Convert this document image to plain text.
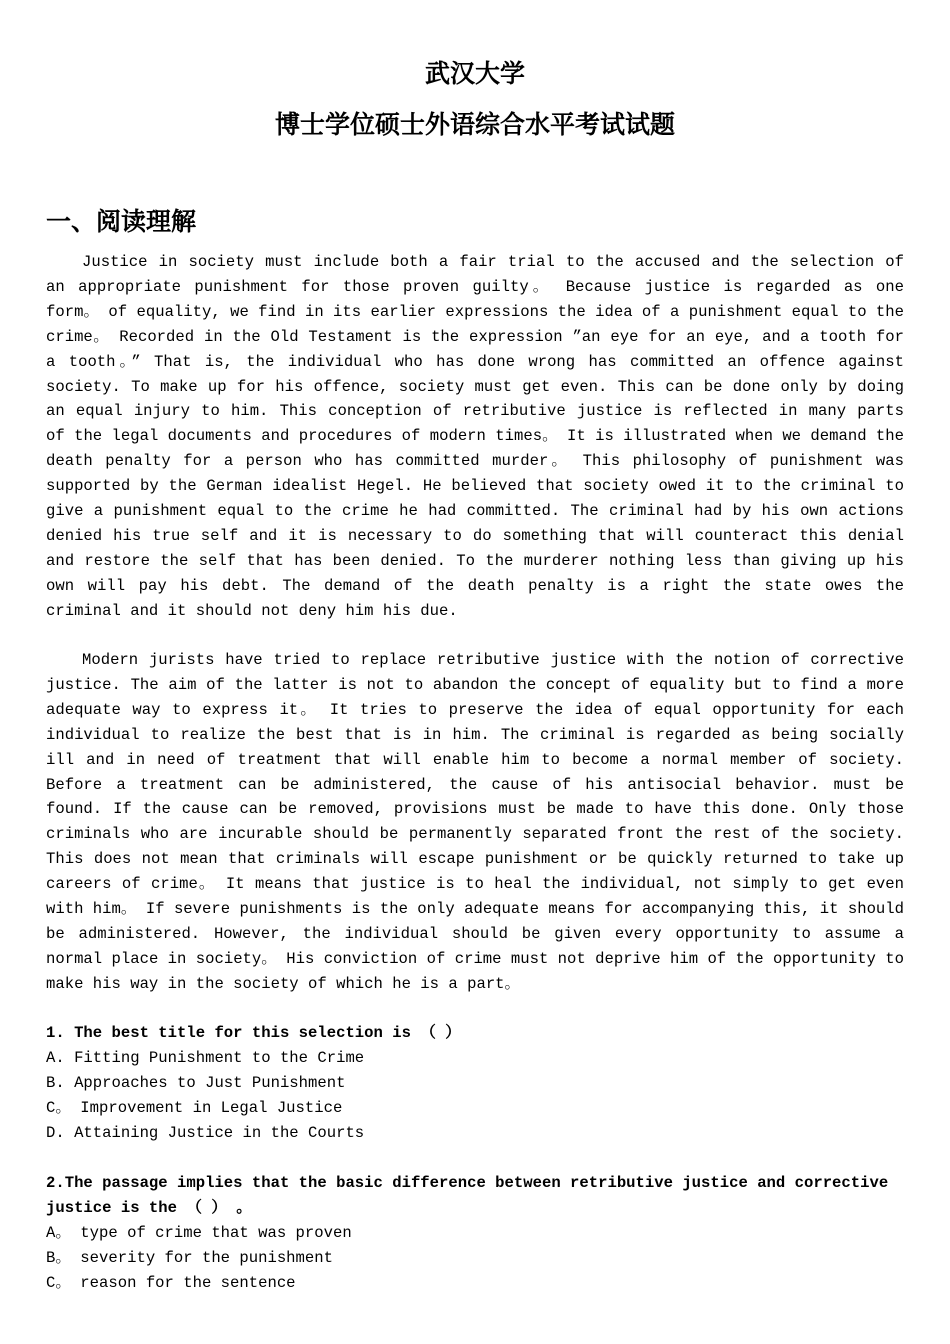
武汉大学
博士学位硕士外语综合水平考试试题
一、阅读理解

Justice in society must include both a fair trial to the accused and the selection of an appropriate punishment for those proven guilty。 Because justice is regarded as one form。 of equality, we find in its earlier expressions the idea of a punishment equal to the crime。 Recorded in the Old Testament is the expression ”an eye for an eye, and a tooth for a tooth。” That is, the individual who has done wrong has committed an offence against society. To make up for his offence, society must get even. This can be done only by doing an equal injury to him. This conception of retributive justice is reflected in many parts of the legal documents and procedures of modern times。 It is illustrated when we demand the death penalty for a person who has committed murder。 This philosophy of punishment was supported by the German idealist Hegel. He believed that society owed it to the criminal to give a punishment equal to the crime he had committed. The criminal had by his own actions denied his true self and it is necessary to do something that will counteract this denial and restore the self that has been denied. To the murderer nothing less than giving up his own will pay his debt. The demand of the death penalty is a right the state owes the criminal and it should not deny him his due.

Modern jurists have tried to replace retributive justice with the notion of corrective justice. The aim of the latter is not to abandon the concept of equality but to find a more adequate way to express it。 It tries to preserve the idea of equal opportunity for each individual to realize the best that is in him. The criminal is regarded as being socially ill and in need of treatment that will enable him to become a normal member of society. Before a treatment can be administered, the cause of his antisocial behavior. must be found. If the cause can be removed, provisions must be made to have this done. Only those criminals who are incurable should be permanently separated front the rest of the society. This does not mean that criminals will escape punishment or be quickly returned to take up careers of crime。 It means that justice is to heal the individual, not simply to get even with him。 If severe punishments is the only adequate means for accompanying this, it should be administered. However, the individual should be given every opportunity to assume a normal place in society。 His conviction of crime must not deprive him of the opportunity to make his way in the society of which he is a part。

1. The best title for this selection is （ ）
A. Fitting Punishment to the Crime
B. Approaches to Just Punishment
C。 Improvement in Legal Justice
D. Attaining Justice in the Courts
2.The passage implies that the basic difference between retributive justice and corrective justice is the （ ） 。
A。 type of crime that was proven
B。 severity for the punishment
C。 reason for the sentence
